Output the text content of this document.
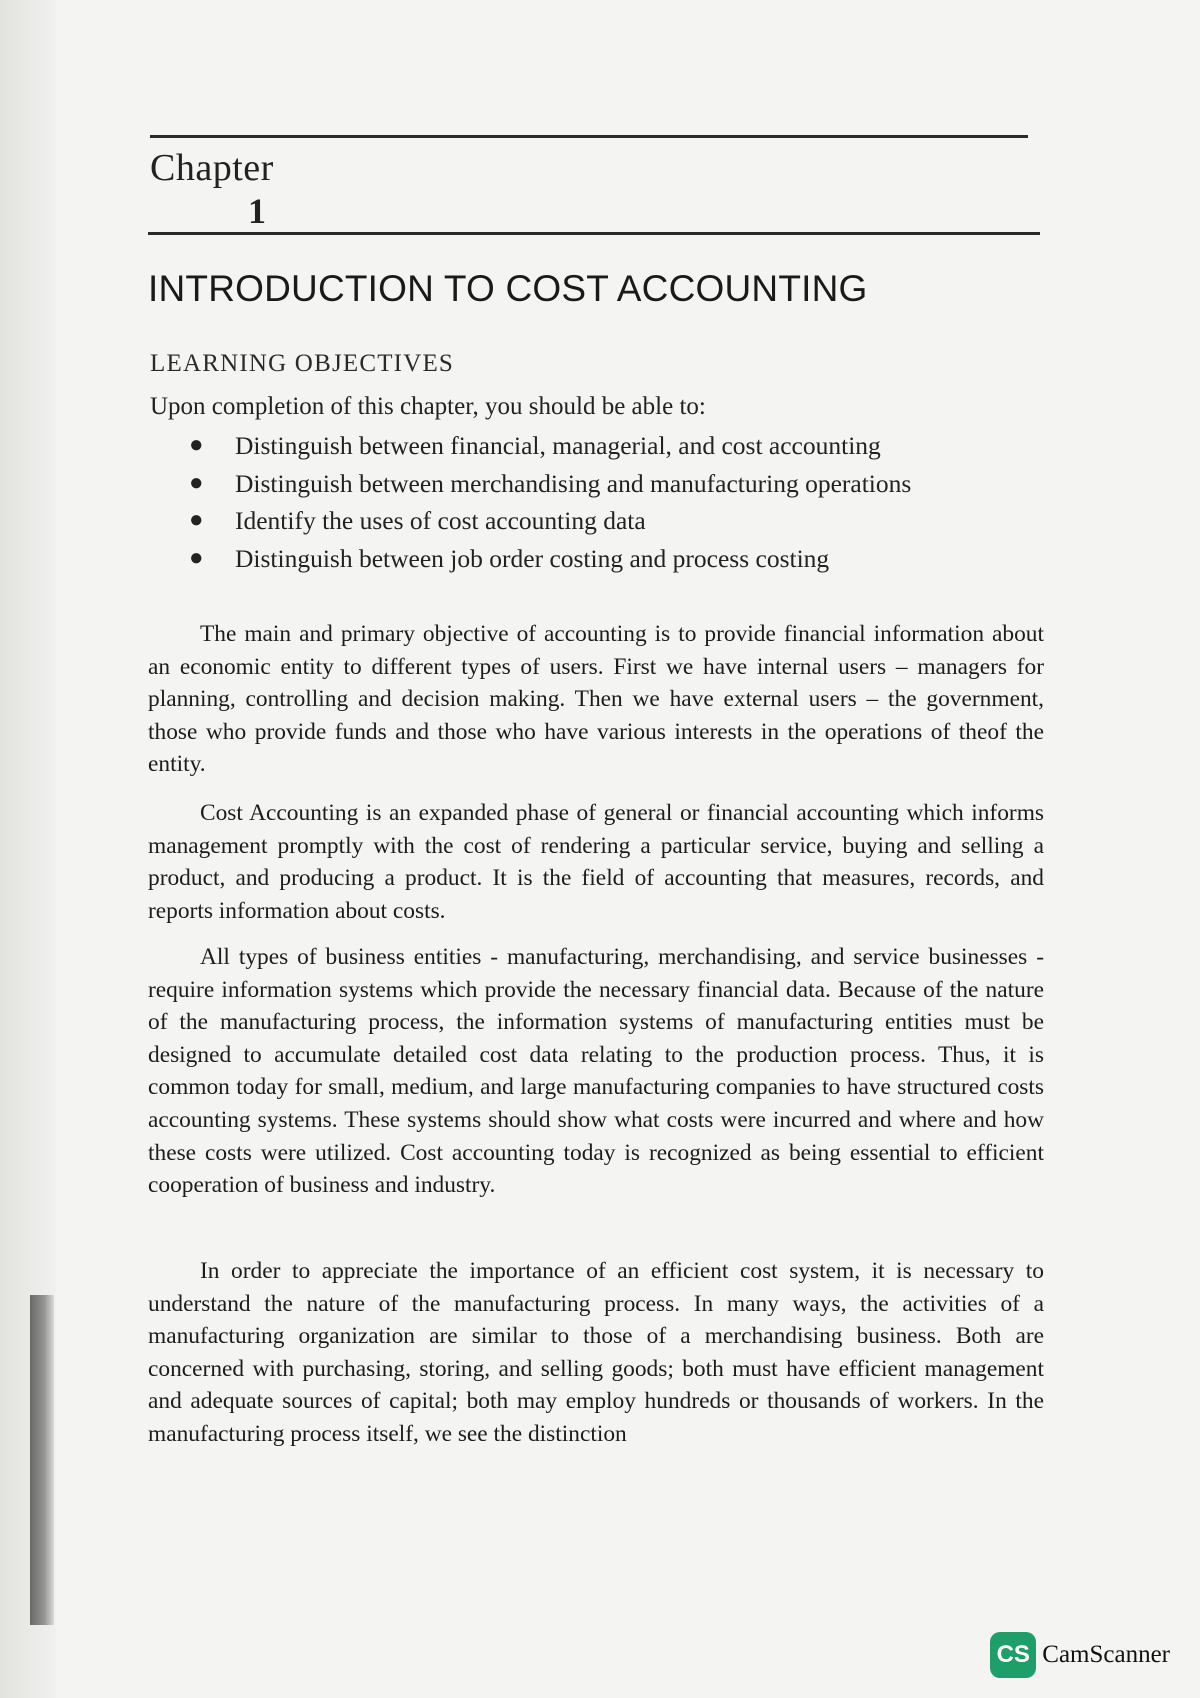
Chapter
1
INTRODUCTION TO COST ACCOUNTING
LEARNING OBJECTIVES
Upon completion of this chapter, you should be able to:
● Distinguish between financial, managerial, and cost accounting
● Distinguish between merchandising and manufacturing operations
● Identify the uses of cost accounting data
● Distinguish between job order costing and process costing

The main and primary objective of accounting is to provide financial information about an economic entity to different types of users. First we have internal users – managers for planning, controlling and decision making. Then we have external users – the government, those who provide funds and those who have various interests in the operations of theof the entity.

Cost Accounting is an expanded phase of general or financial accounting which informs management promptly with the cost of rendering a particular service, buying and selling a product, and producing a product. It is the field of accounting that measures, records, and reports information about costs.

All types of business entities - manufacturing, merchandising, and service businesses - require information systems which provide the necessary financial data. Because of the nature of the manufacturing process, the information systems of manufacturing entities must be designed to accumulate detailed cost data relating to the production process. Thus, it is common today for small, medium, and large manufacturing companies to have structured costs accounting systems. These systems should show what costs were incurred and where and how these costs were utilized. Cost accounting today is recognized as being essential to efficient cooperation of business and industry.

In order to appreciate the importance of an efficient cost system, it is necessary to understand the nature of the manufacturing process. In many ways, the activities of a manufacturing organization are similar to those of a merchandising business. Both are concerned with purchasing, storing, and selling goods; both must have efficient management and adequate sources of capital; both may employ hundreds or thousands of workers. In the manufacturing process itself, we see the distinction

CS CamScanner
